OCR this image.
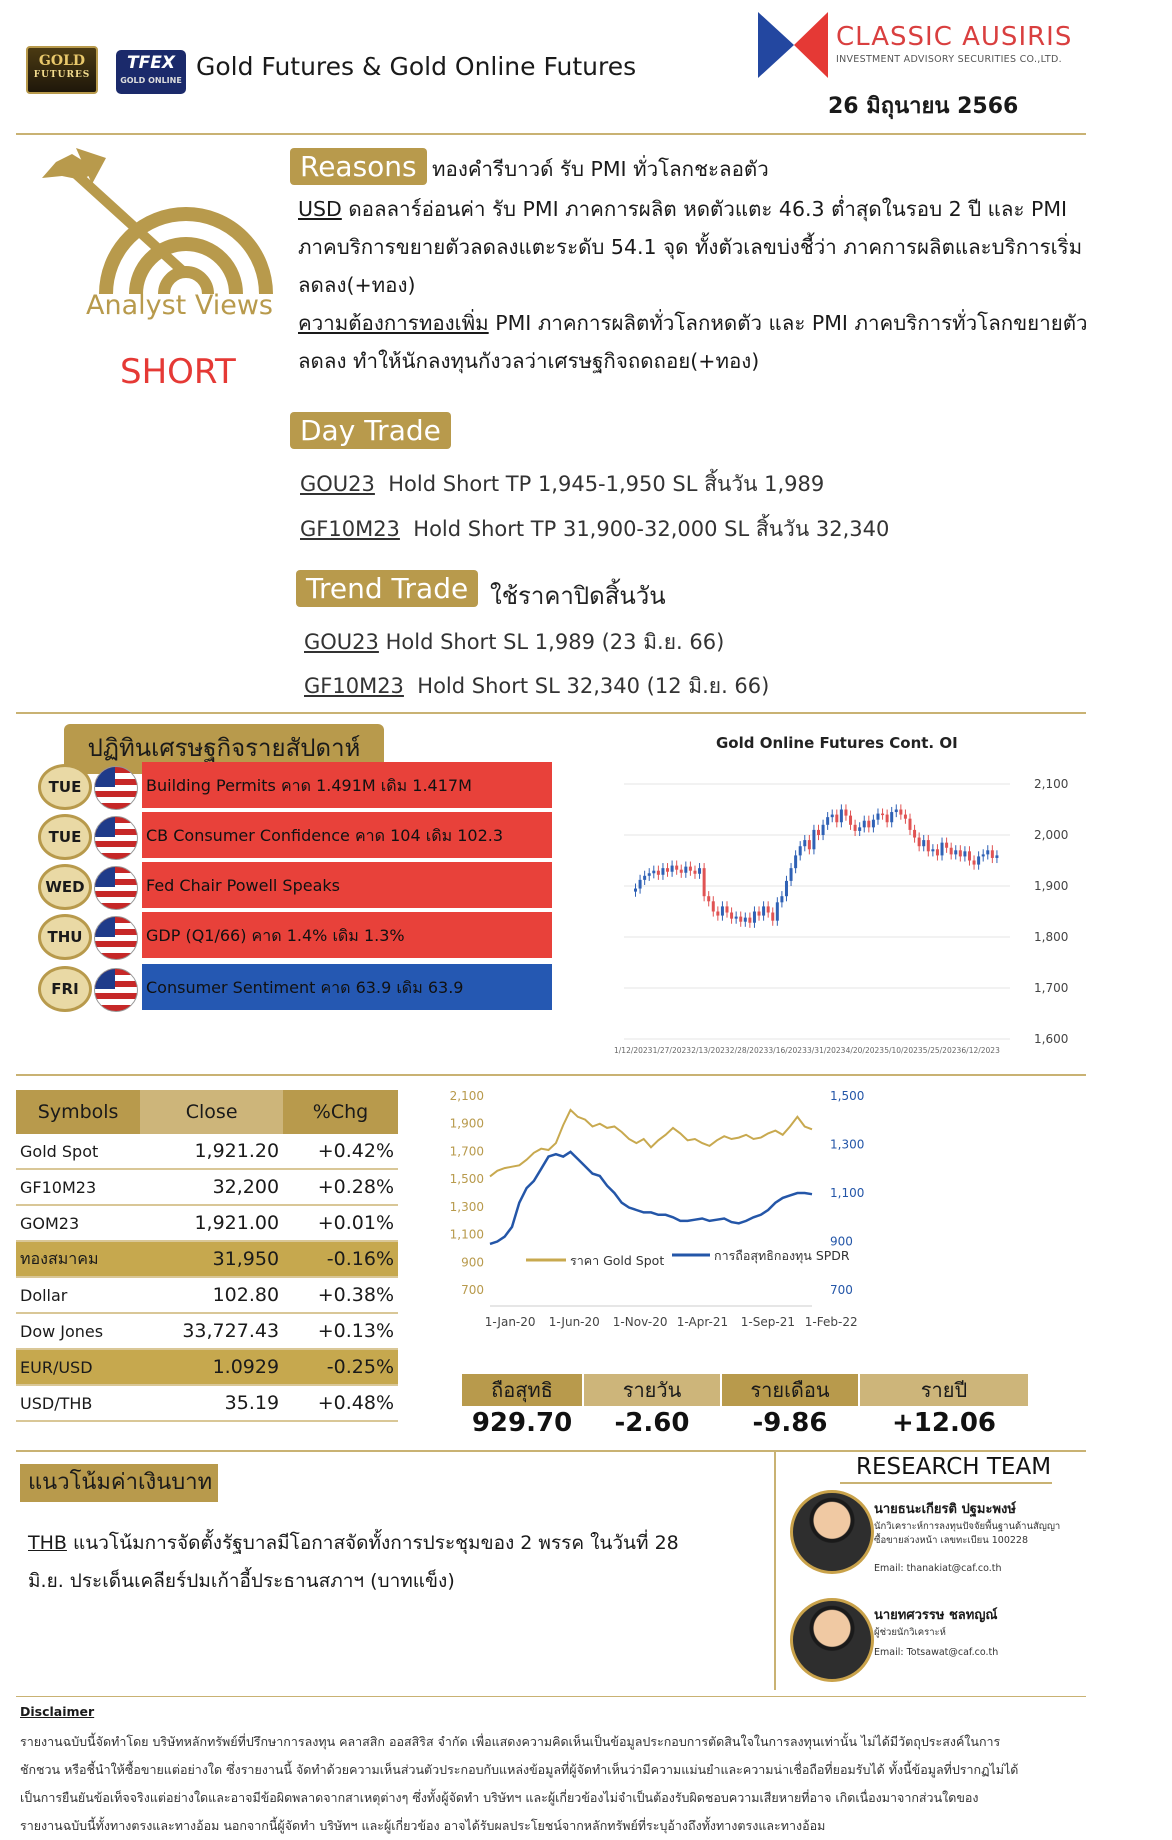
GOLD
FUTURES
TFEX
GOLD ONLINE Gold Futures & Gold Online Futures
CLASSIC AUSIRIS
INVESTMENT ADVISORY SECURITIES CO.,LTD.
26 มิถุนายน 2566
Analyst Views
SHORT
Reasons ทองคำรีบาวด์ รับ PMI ทั่วโลกชะลอตัว
USD ดอลลาร์อ่อนค่า รับ PMI ภาคการผลิต หดตัวแตะ 46.3 ต่ำสุดในรอบ 2 ปี และ PMI
ภาคบริการขยายตัวลดลงแตะระดับ 54.1 จุด ทั้งตัวเลขบ่งชี้ว่า ภาคการผลิตและบริการเริ่ม
ลดลง(+ทอง)
ความต้องการทองเพิ่ม PMI ภาคการผลิตทั่วโลกหดตัว และ PMI ภาคบริการทั่วโลกขยายตัว
ลดลง ทำให้นักลงทุนกังวลว่าเศรษฐกิจถดถอย(+ทอง)
Day Trade
GOU23 Hold Short TP 1,945-1,950 SL สิ้นวัน 1,989
GF10M23 Hold Short TP 31,900-32,000 SL สิ้นวัน 32,340
Trend Trade ใช้ราคาปิดสิ้นวัน
GOU23 Hold Short SL 1,989 (23 มิ.ย. 66)
GF10M23 Hold Short SL 32,340 (12 มิ.ย. 66)
ปฏิทินเศรษฐกิจรายสัปดาห์
TUE	Building Permits คาด 1.491M เดิม 1.417M
TUE	CB Consumer Confidence คาด 104 เดิม 102.3
WED	Fed Chair Powell Speaks
THU	GDP (Q1/66) คาด 1.4% เดิม 1.3%
FRI	Consumer Sentiment คาด 63.9 เดิม 63.9
Gold Online Futures Cont. OI
2,100
2,000
1,900
1,800
1,700
1,600
1/12/2023 1/27/2023 2/13/2023 2/28/2023 3/16/2023 3/31/2023 4/20/2023 5/10/2023 5/25/2023 6/12/2023
Symbols	Close	%Chg
Gold Spot	1,921.20	+0.42%
GF10M23	32,200	+0.28%
GOM23	1,921.00	+0.01%
ทองสมาคม	31,950	-0.16%
Dollar	102.80	+0.38%
Dow Jones	33,727.43	+0.13%
EUR/USD	1.0929	-0.25%
USD/THB	35.19	+0.48%
2,100
1,900
1,700
1,500
1,300
1,100
900
700
1,500
1,300
1,100
900
700
1-Jan-20 1-Jun-20 1-Nov-20 1-Apr-21 1-Sep-21 1-Feb-22
ราคา Gold Spot	การถือสุทธิกองทุน SPDR
ถือสุทธิ
929.70
รายวัน
-2.60
รายเดือน
-9.86
รายปี
+12.06
แนวโน้มค่าเงินบาท
THB แนวโน้มการจัดตั้งรัฐบาลมีโอกาสจัดทั้งการประชุมของ 2 พรรค ในวันที่ 28
มิ.ย. ประเด็นเคลียร์ปมเก้าอี้ประธานสภาฯ (บาทแข็ง)
RESEARCH TEAM
นายธนะเกียรติ ปฐมะพงษ์
นักวิเคราะห์การลงทุนปัจจัยพื้นฐานด้านสัญญาซื้อขายล่วงหน้า เลขทะเบียน 100228
Email: thanakiat@caf.co.th
นายทศวรรษ ชลทญณ์
ผู้ช่วยนักวิเคราะห์
Email: Totsawat@caf.co.th
Disclaimer
รายงานฉบับนี้จัดทำโดย บริษัทหลักทรัพย์ที่ปรึกษาการลงทุน คลาสสิก ออสสิริส จำกัด เพื่อแสดงความคิดเห็นเป็นข้อมูลประกอบการตัดสินใจในการลงทุนเท่านั้น ไม่ได้มีวัตถุประสงค์ในการ
ชักชวน หรือชี้นำให้ซื้อขายแต่อย่างใด ซึ่งรายงานนี้ จัดทำด้วยความเห็นส่วนตัวประกอบกับแหล่งข้อมูลที่ผู้จัดทำเห็นว่ามีความแม่นยำและความน่าเชื่อถือที่ยอมรับได้ ทั้งนี้ข้อมูลที่ปรากฏไม่ได้
เป็นการยืนยันข้อเท็จจริงแต่อย่างใดและอาจมีข้อผิดพลาดจากสาเหตุต่างๆ ซึ่งทั้งผู้จัดทำ บริษัทฯ และผู้เกี่ยวข้องไม่จำเป็นต้องรับผิดชอบความเสียหายที่อาจ เกิดเนื่องมาจากส่วนใดของ
รายงานฉบับนี้ทั้งทางตรงและทางอ้อม นอกจากนี้ผู้จัดทำ บริษัทฯ และผู้เกี่ยวข้อง อาจได้รับผลประโยชน์จากหลักทรัพย์ที่ระบุอ้างถึงทั้งทางตรงและทางอ้อม
